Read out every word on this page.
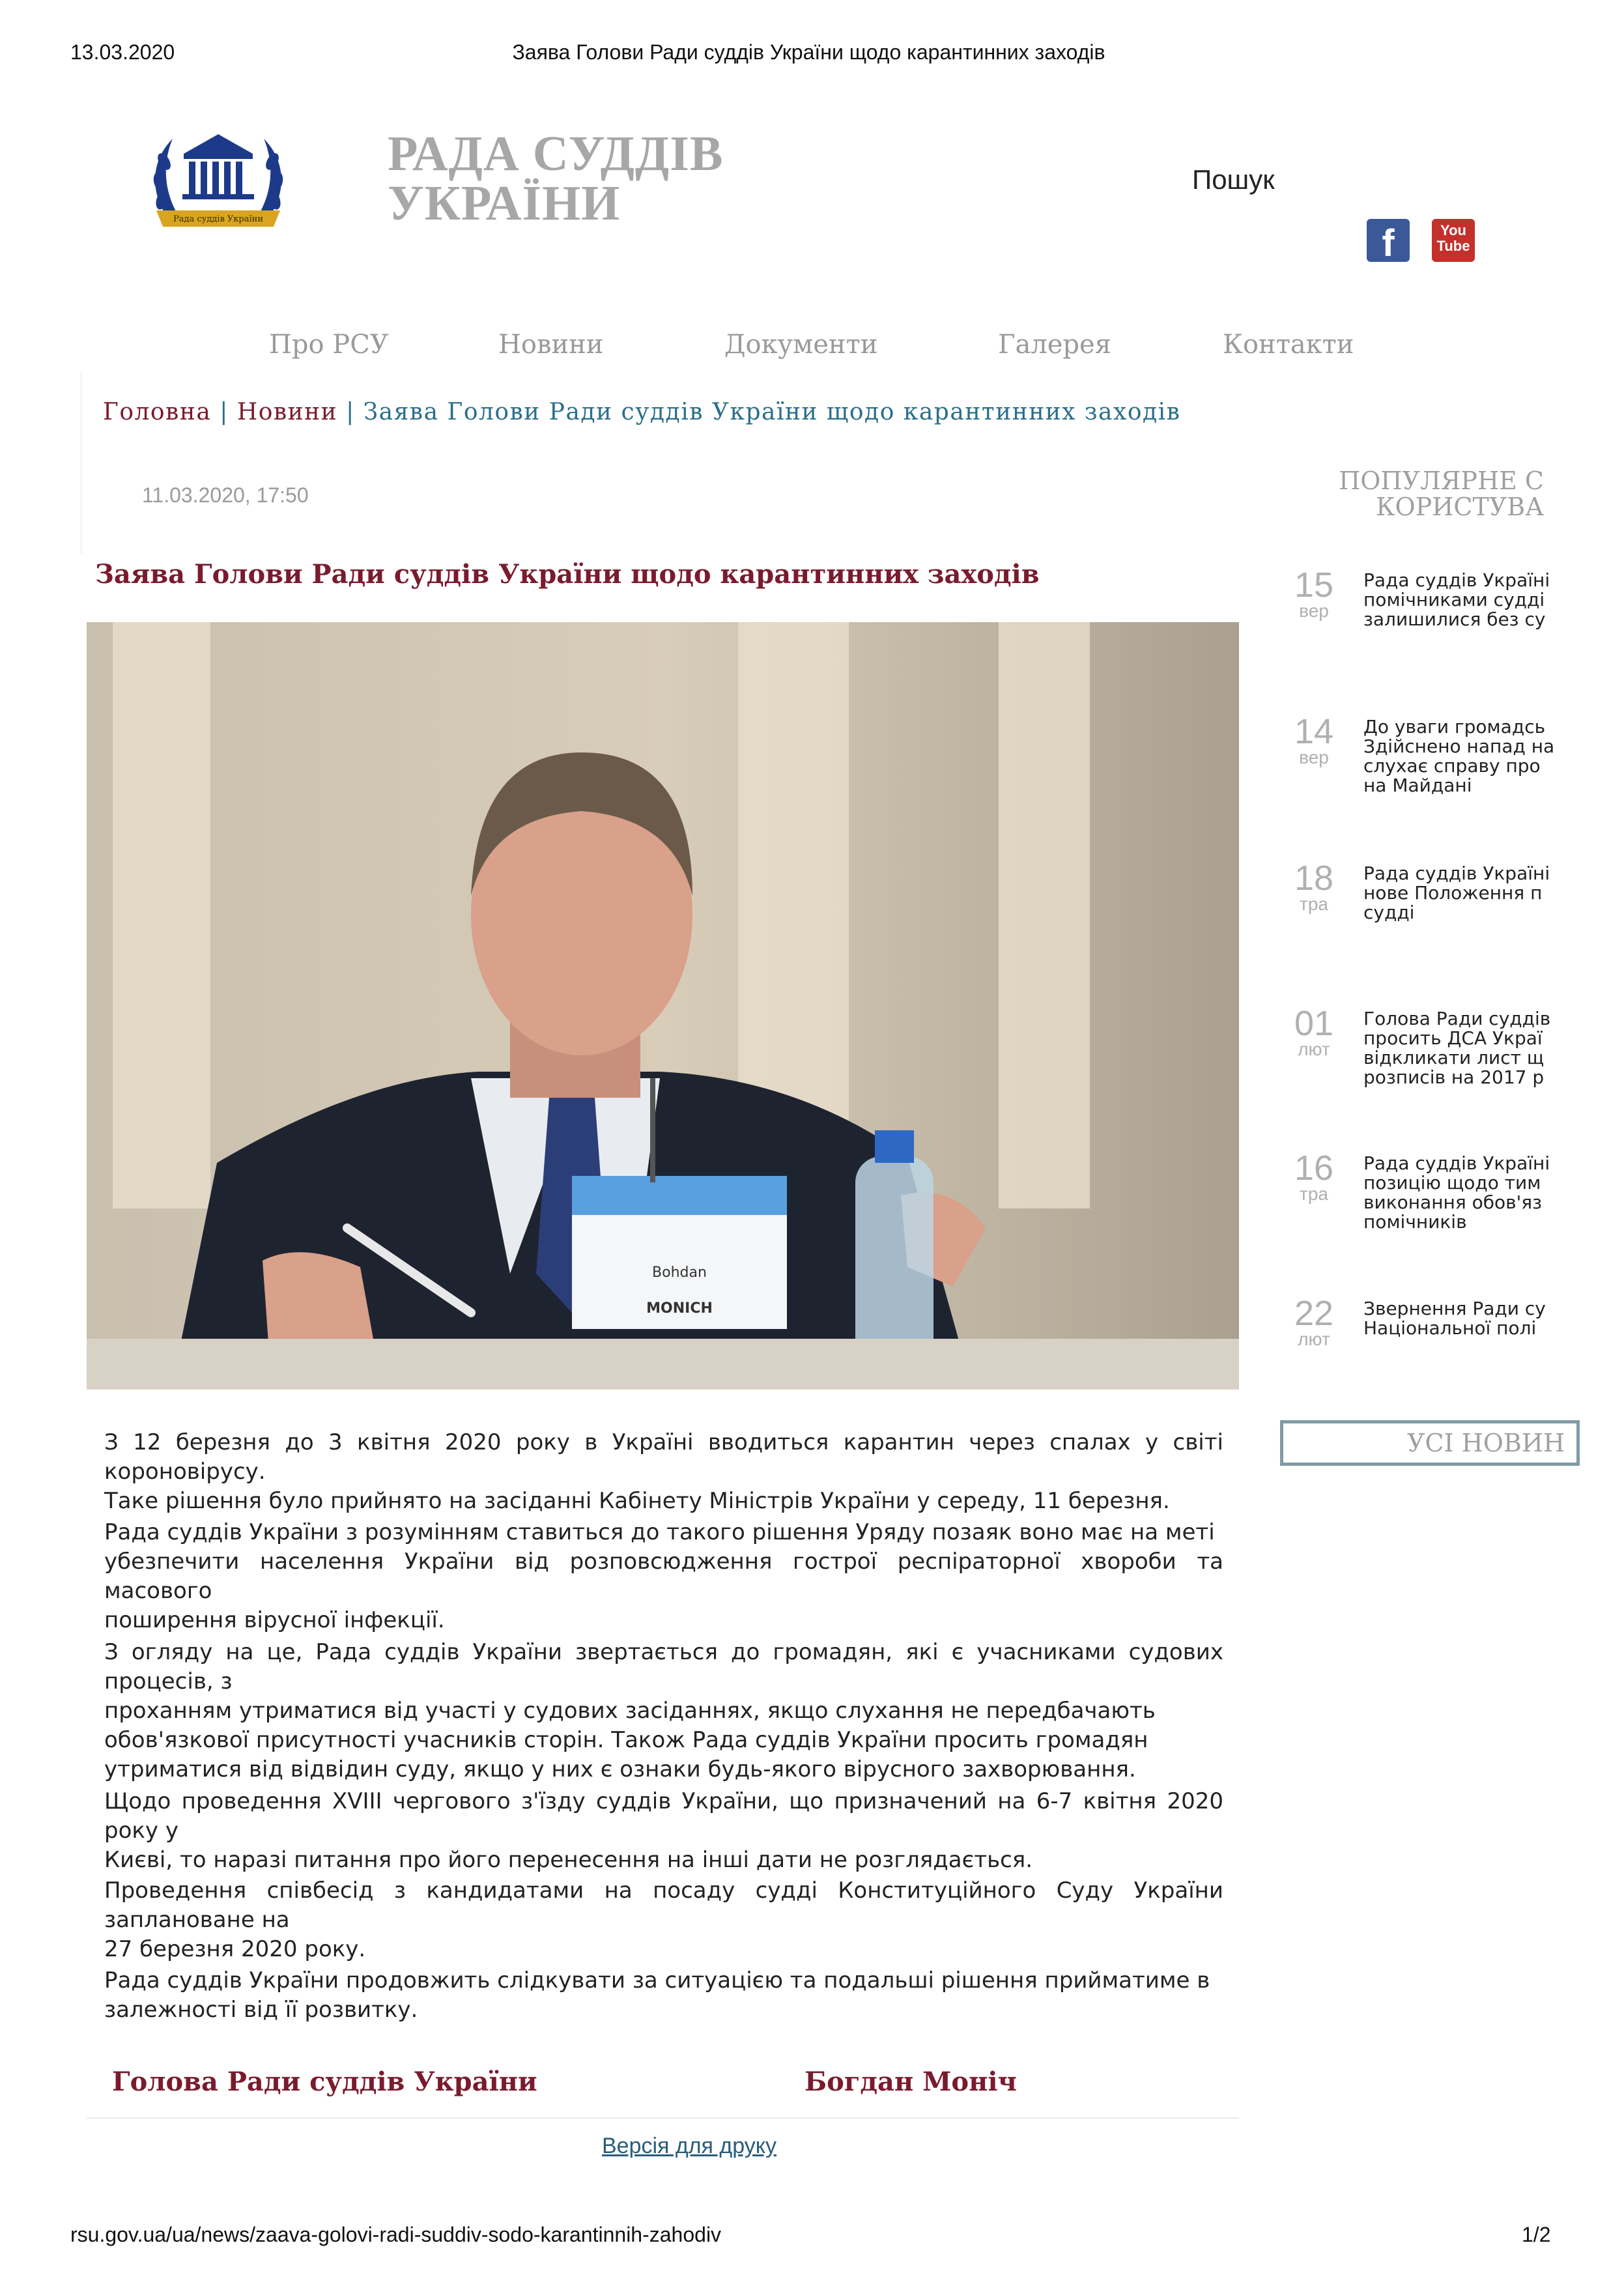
13.03.2020	Заява Голови Ради суддів України щодо карантинних заходів
Рада суддів України
РАДА СУДДІВ
УКРАЇНИ	Пошук
f	You
Tube
Про РСУ	Новини	Документи	Галерея	Контакти
Головна | Новини | Заява Голови Ради суддів України щодо карантинних заходів
11.03.2020, 17:50
Заява Голови Ради суддів України щодо карантинних заходів
Bohdan
MONICH
З 12 березня до 3 квітня 2020 року в Україні вводиться карантин через спалах у світі короновірусу.
Таке рішення було прийнято на засіданні Кабінету Міністрів України у середу, 11 березня.
Рада суддів України з розумінням ставиться до такого рішення Уряду позаяк воно має на меті
убезпечити населення України від розповсюдження гострої респіраторної хвороби та масового
поширення вірусної інфекції.
З огляду на це, Рада суддів України звертається до громадян, які є учасниками судових процесів, з
проханням утриматися від участі у судових засіданнях, якщо слухання не передбачають
обов'язкової присутності учасників сторін. Також Рада суддів України просить громадян
утриматися від відвідин суду, якщо у них є ознаки будь-якого вірусного захворювання.
Щодо проведення XVIII чергового з'їзду суддів України, що призначений на 6-7 квітня 2020 року у
Києві, то наразі питання про його перенесення на інші дати не розглядається.
Проведення співбесід з кандидатами на посаду судді Конституційного Суду України заплановане на
27 березня 2020 року.
Рада суддів України продовжить слідкувати за ситуацією та подальші рішення прийматиме в
залежності від її розвитку.
Голова Ради суддів України	Богдан Моніч
Версія для друку
ПОПУЛЯРНЕ С
КОРИСТУВА
15
вер
Рада суддів Україні
помічниками судді
залишилися без су
14
вер
До уваги громадсь
Здійснено напад на
слухає справу про
на Майдані
18
тра
Рада суддів Україні
нове Положення п
судді
01
лют
Голова Ради суддів
просить ДСА Украї
відкликати лист щ
розписів на 2017 р
16
тра
Рада суддів Україні
позицію щодо тим
виконання обов'яз
помічників
22
лют
Звернення Ради су
Національної полі
УСІ НОВИН
rsu.gov.ua/ua/news/zaava-golovi-radi-suddiv-sodo-karantinnih-zahodiv	1/2
